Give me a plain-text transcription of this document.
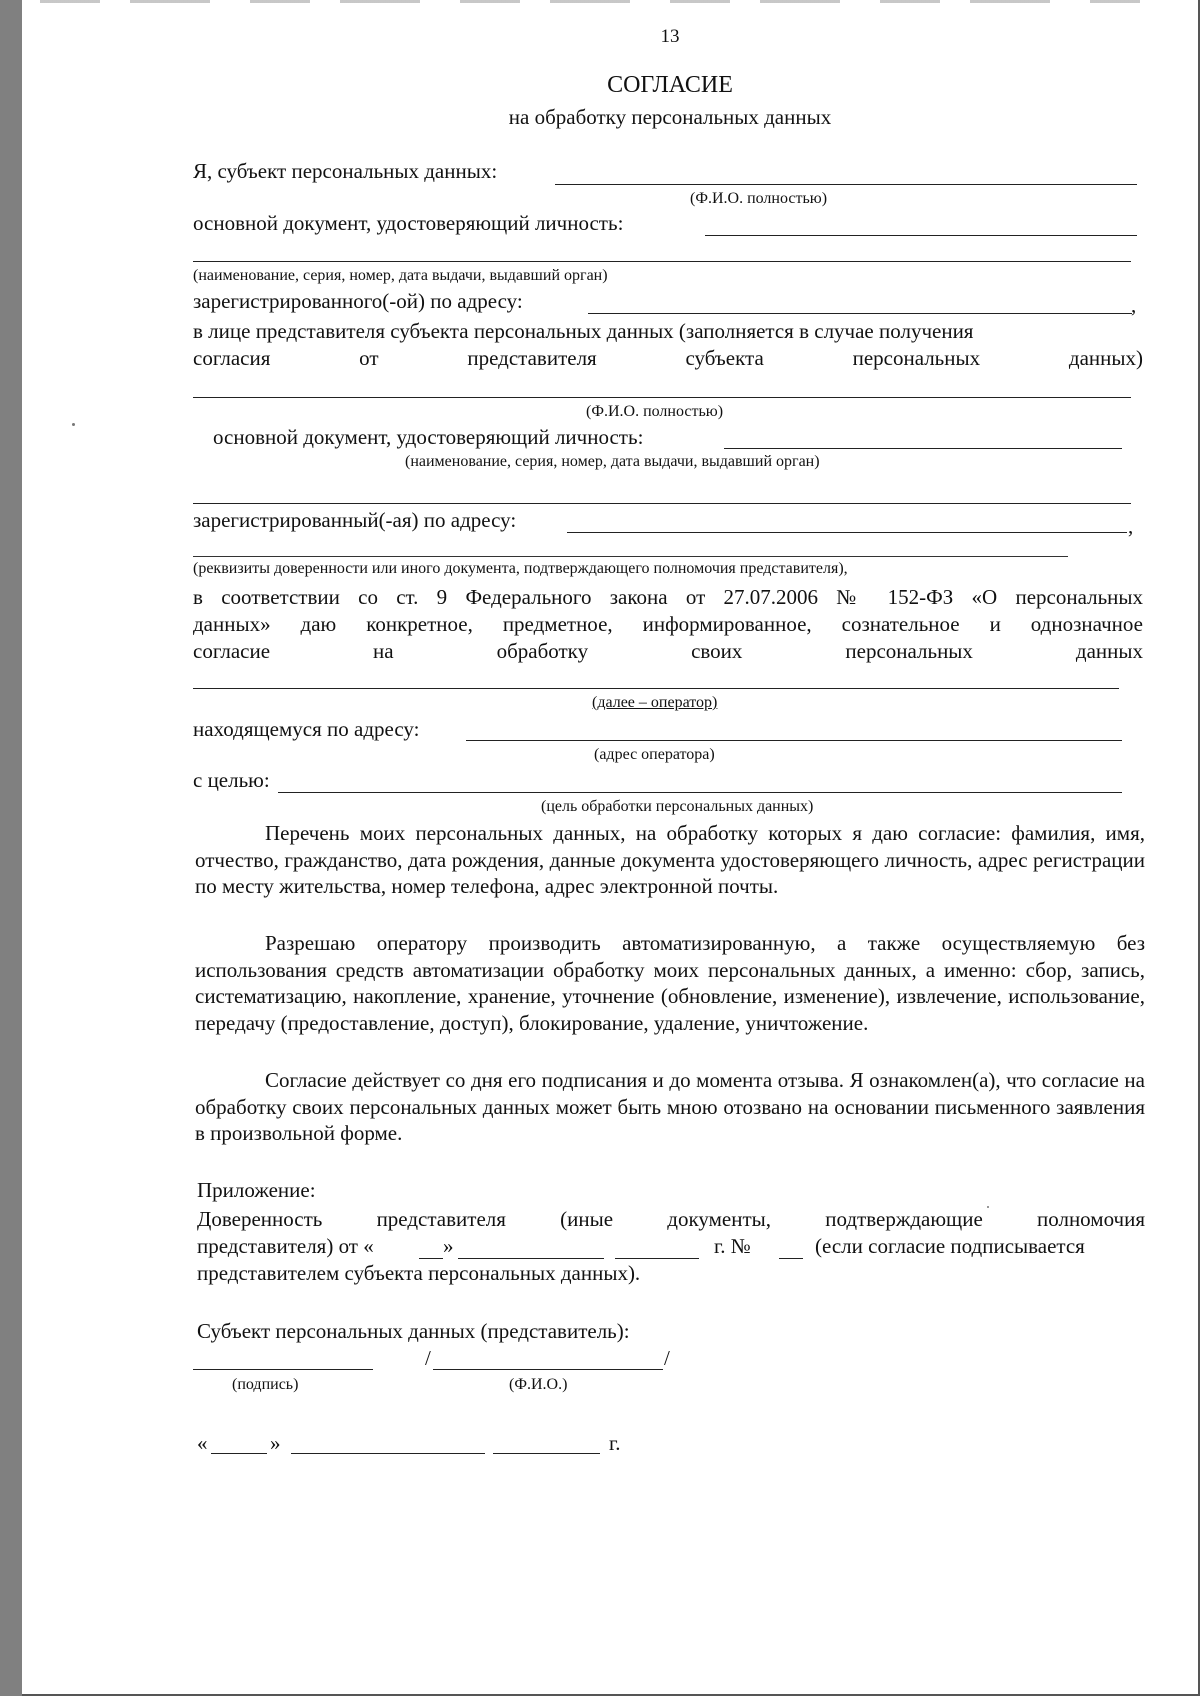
13
СОГЛАСИЕ
на обработку персональных данных
Я, субъект персональных данных:
(Ф.И.О. полностью)
основной документ, удостоверяющий личность:
(наименование, серия, номер, дата выдачи, выдавший орган)
зарегистрированного(-ой) по адресу:	,
в лице представителя субъекта персональных данных (заполняется в случае получения
согласия от представителя субъекта персональных данных)
(Ф.И.О. полностью)
основной документ, удостоверяющий личность:
(наименование, серия, номер, дата выдачи, выдавший орган)
зарегистрированный(-ая) по адресу:	,
(реквизиты доверенности или иного документа, подтверждающего полномочия представителя),
в соответствии со ст. 9 Федерального закона от 27.07.2006 № 152-ФЗ «О персональных
данных» даю конкретное, предметное, информированное, сознательное и однозначное
согласие на обработку своих персональных данных
(далее – оператор)
находящемуся по адресу:
(адрес оператора)
с целью:
(цель обработки персональных данных)
Перечень моих персональных данных, на обработку которых я даю согласие: фамилия, имя, отчество, гражданство, дата рождения, данные документа удостоверяющего личность, адрес регистрации по месту жительства, номер телефона, адрес электронной почты.
Разрешаю оператору производить автоматизированную, а также осуществляемую без использования средств автоматизации обработку моих персональных данных, а именно: сбор, запись, систематизацию, накопление, хранение, уточнение (обновление, изменение), извлечение, использование, передачу (предоставление, доступ), блокирование, удаление, уничтожение.
Согласие действует со дня его подписания и до момента отзыва. Я ознакомлен(а), что согласие на обработку своих персональных данных может быть мною отозвано на основании письменного заявления в произвольной форме.
Приложение:
Доверенность представителя (иные документы, подтверждающие полномочия
представителя) от «	»	г. №	(если согласие подписывается
представителем субъекта персональных данных).
Субъект персональных данных (представитель):
/	/
(подпись)	(Ф.И.О.)
«	»	г.
